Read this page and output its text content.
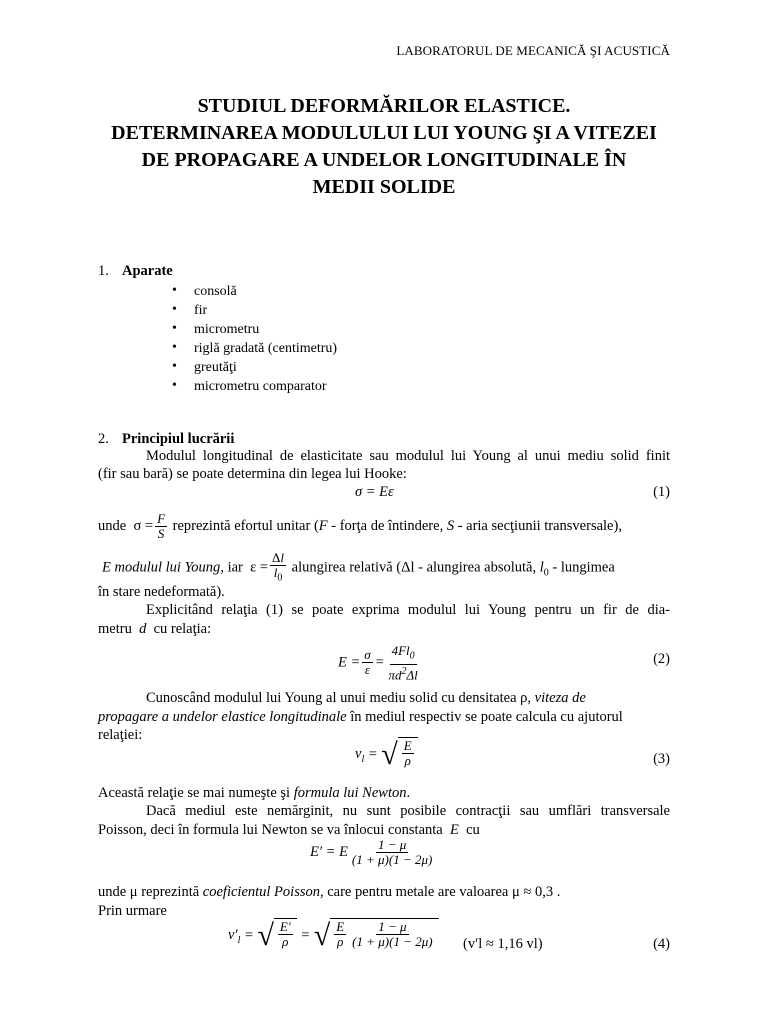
LABORATORUL DE MECANICĂ ŞI ACUSTICĂ
STUDIUL DEFORMĂRILOR ELASTICE.
DETERMINAREA MODULULUI LUI YOUNG ŞI A VITEZEI
DE PROPAGARE A UNDELOR LONGITUDINALE ÎN
MEDII SOLIDE
1. Aparate
• consolă
• fir
• micrometru
• riglă gradată (centimetru)
• greutăţi
• micrometru comparator
2. Principiul lucrării
Modulul longitudinal de elasticitate sau modulul lui Young al unui mediu solid finit
(fir sau bară) se poate determina din legea lui Hooke:
σ = Eε	(1)
unde  $\sigma = \frac{F}{S}$ reprezintă efortul unitar (F - forţa de întindere, S - aria secţiunii transversale),
E modulul lui Young, iar  $\varepsilon = \frac{\Delta l}{l_0}$ alungirea relativă (Δl - alungirea absolută, $l_0$ - lungimea
în stare nedeformată).
Explicitând relaţia (1) se poate exprima modulul lui Young pentru un fir de dia-
metru d cu relaţia:
$E = \frac{\sigma}{\varepsilon} = \frac{4Fl_0}{\pi d^2\Delta l}$	(2)
Cunoscând modulul lui Young al unui mediu solid cu densitatea ρ, viteza de
propagare a undelor elastice longitudinale în mediul respectiv se poate calcula cu ajutorul
relaţiei:
$v_l$ = √ $\frac{E}{\rho}$	(3)
Această relaţie se mai numeşte şi formula lui Newton.
Dacă mediul este nemărginit, nu sunt posibile contracţii sau umflări transversale
Poisson, deci în formula lui Newton se va înlocui constanta E cu
E′ = E $\frac{1 - \mu}{(1 + \mu)(1 - 2\mu)}$
unde μ reprezintă coeficientul Poisson, care pentru metale are valoarea μ ≈ 0,3 .
Prin urmare
$v'_l$ = √ $\frac{E'}{\rho}$ = √ $\frac{E}{\rho} \frac{1 - \mu}{(1 + \mu)(1 - 2\mu)} (v'l \approx 1,16$ vl)	(4)
